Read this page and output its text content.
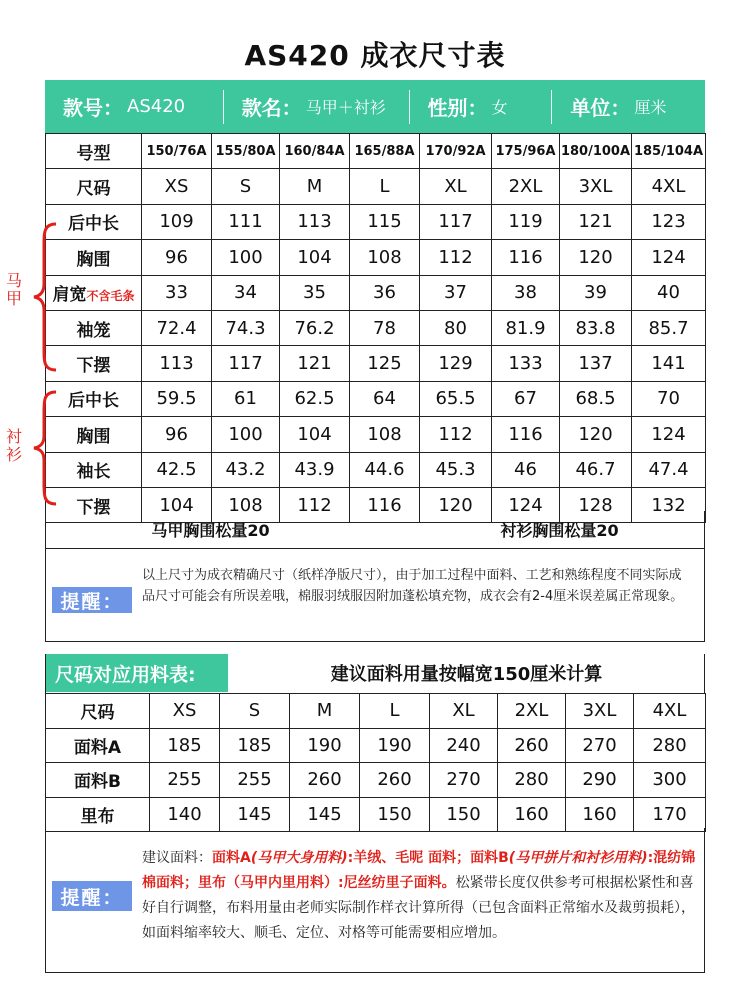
AS420 成衣尺寸表
款号： AS420	款名： 马甲＋衬衫 性别： 女	单位： 厘米
号型	150/76A	155/80A	160/84A	165/88A	170/92A	175/96A	180/100A	185/104A
尺码	XS	S	M	L	XL	2XL	3XL	4XL
后中长	109	111	113	115	117	119	121	123
胸围	96	100	104	108	112	116	120	124
肩宽不含毛条	33	34	35	36	37	38	39	40
袖笼	72.4	74.3	76.2	78	80	81.9	83.8	85.7
下摆	113	117	121	125	129	133	137	141
后中长	59.5	61	62.5	64	65.5	67	68.5	70
胸围	96	100	104	108	112	116	120	124
袖长	42.5	43.2	43.9	44.6	45.3	46	46.7	47.4
下摆	104	108	112	116	120	124	128	132
马甲胸围松量20	衬衫胸围松量20
提醒：
以上尺寸为成衣精确尺寸（纸样净版尺寸），由于加工过程中面料、工艺和熟练程度不同实际成品尺寸可能会有所误差哦，棉服羽绒服因附加蓬松填充物，成衣会有2-4厘米误差属正常现象。
尺码对应用料表:	建议面料用量按幅宽150厘米计算
尺码	XS	S	M	L	XL	2XL	3XL	4XL
面料A	185	185	190	190	240	260	270	280
面料B	255	255	260	260	270	280	290	300
里布	140	145	145	150	150	160	160	170
提醒：
建议面料：面料A(马甲大身用料):羊绒、毛呢 面料；面料B(马甲拼片和衬衫用料):混纺锦棉面料；里布（马甲内里用料）:尼丝纺里子面料。松紧带长度仅供参考可根据松紧性和喜好自行调整，布料用量由老师实际制作样衣计算所得（已包含面料正常缩水及裁剪损耗），如面料缩率较大、顺毛、定位、对格等可能需要相应增加。
马甲
衬衫
